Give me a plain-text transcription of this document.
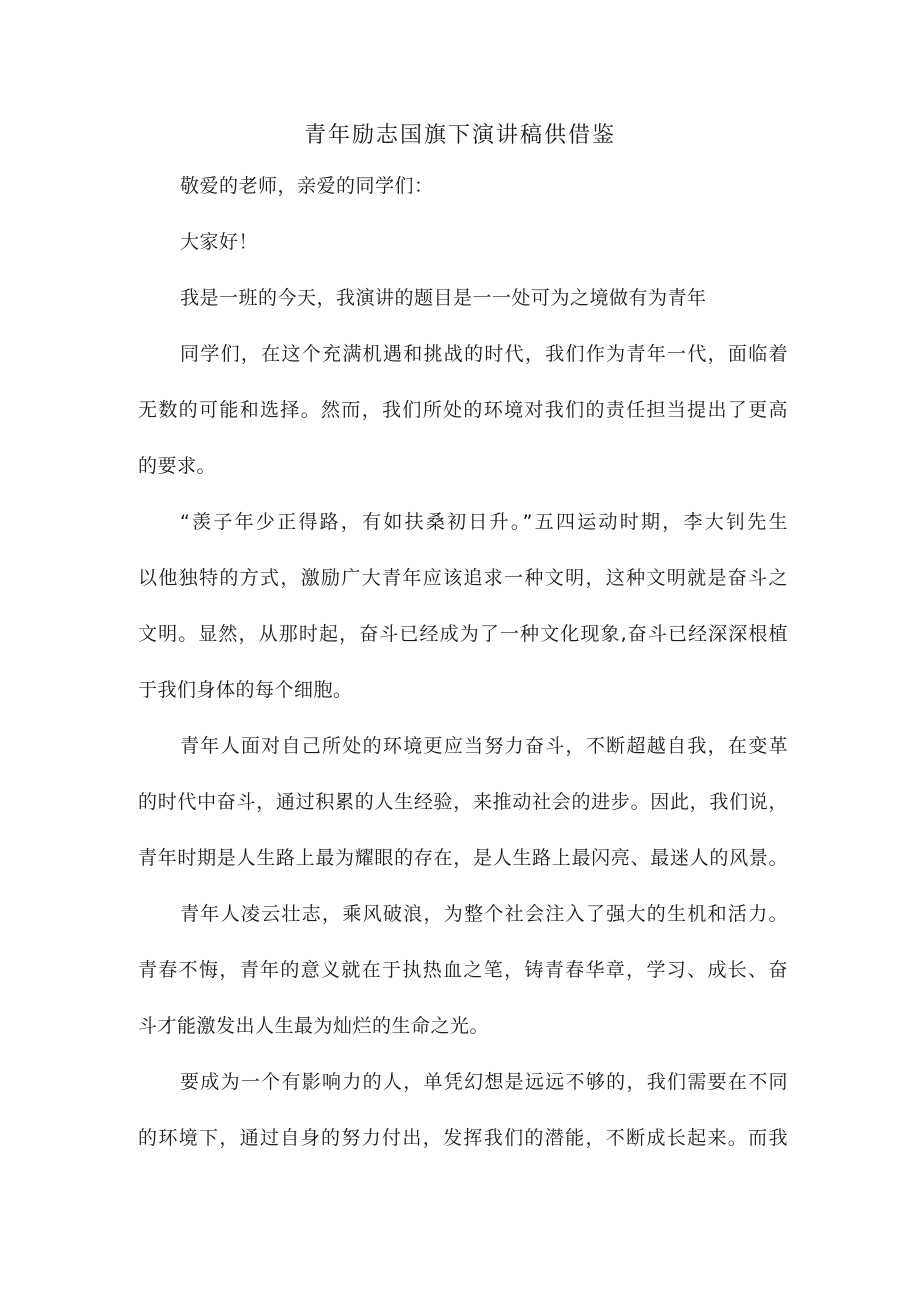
青年励志国旗下演讲稿供借鉴
敬爱的老师，亲爱的同学们：
大家好！
我是一班的今天，我演讲的题目是一一处可为之境做有为青年
同学们，在这个充满机遇和挑战的时代，我们作为青年一代，面临着
无数的可能和选择。然而，我们所处的环境对我们的责任担当提出了更高
的要求。
“羡子年少正得路，有如扶桑初日升。”五四运动时期，李大钊先生
以他独特的方式，激励广大青年应该追求一种文明，这种文明就是奋斗之
文明。显然，从那时起，奋斗已经成为了一种文化现象,奋斗已经深深根植
于我们身体的每个细胞。
青年人面对自己所处的环境更应当努力奋斗，不断超越自我，在变革
的时代中奋斗，通过积累的人生经验，来推动社会的进步。因此，我们说，
青年时期是人生路上最为耀眼的存在，是人生路上最闪亮、最迷人的风景。
青年人凌云壮志，乘风破浪，为整个社会注入了强大的生机和活力。
青春不悔，青年的意义就在于执热血之笔，铸青春华章，学习、成长、奋
斗才能激发出人生最为灿烂的生命之光。
要成为一个有影响力的人，单凭幻想是远远不够的，我们需要在不同
的环境下，通过自身的努力付出，发挥我们的潜能，不断成长起来。而我
